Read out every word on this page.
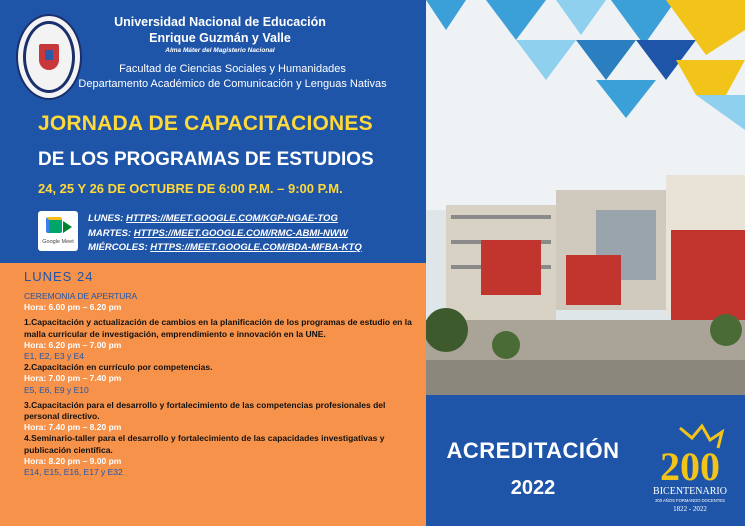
Universidad Nacional de Educación
Enrique Guzmán y Valle
Alma Máter del Magisterio Nacional
Facultad de Ciencias Sociales y Humanidades
Departamento Académico de Comunicación y Lenguas Nativas
JORNADA DE CAPACITACIONES
DE LOS PROGRAMAS DE ESTUDIOS
24, 25 Y 26 DE OCTUBRE DE 6:00 P.M. – 9:00 P.M.
Google Meet
LUNES: HTTPS://MEET.GOOGLE.COM/KGP-NGAE-TOG
MARTES: HTTPS://MEET.GOOGLE.COM/RMC-ABMI-NWW
MIÉRCOLES: HTTPS://MEET.GOOGLE.COM/BDA-MFBA-KTQ
LUNES 24
CEREMONIA DE APERTURA
Hora: 6.00 pm – 6.20 pm
1.Capacitación y actualización de cambios en la planificación de los programas de estudio en la malla curricular de investigación, emprendimiento e innovación en la UNE.
Hora: 6.20 pm – 7.00 pm
E1, E2, E3 y E4
2.Capacitación en currículo por competencias.
Hora: 7.00 pm – 7.40 pm
E5, E6, E9 y E10
3.Capacitación para el desarrollo y fortalecimiento de las competencias profesionales del personal directivo.
Hora: 7.40 pm – 8.20 pm
4.Seminario-taller para el desarrollo y fortalecimiento de las capacidades investigativas y publicación científica.
Hora: 8.20 pm – 9.00 pm
E14, E15, E16, E17 y E32
ACREDITACIÓN
2022	200
BICENTENARIO
200 AÑOS FORMANDO DOCENTES
1822 - 2022
